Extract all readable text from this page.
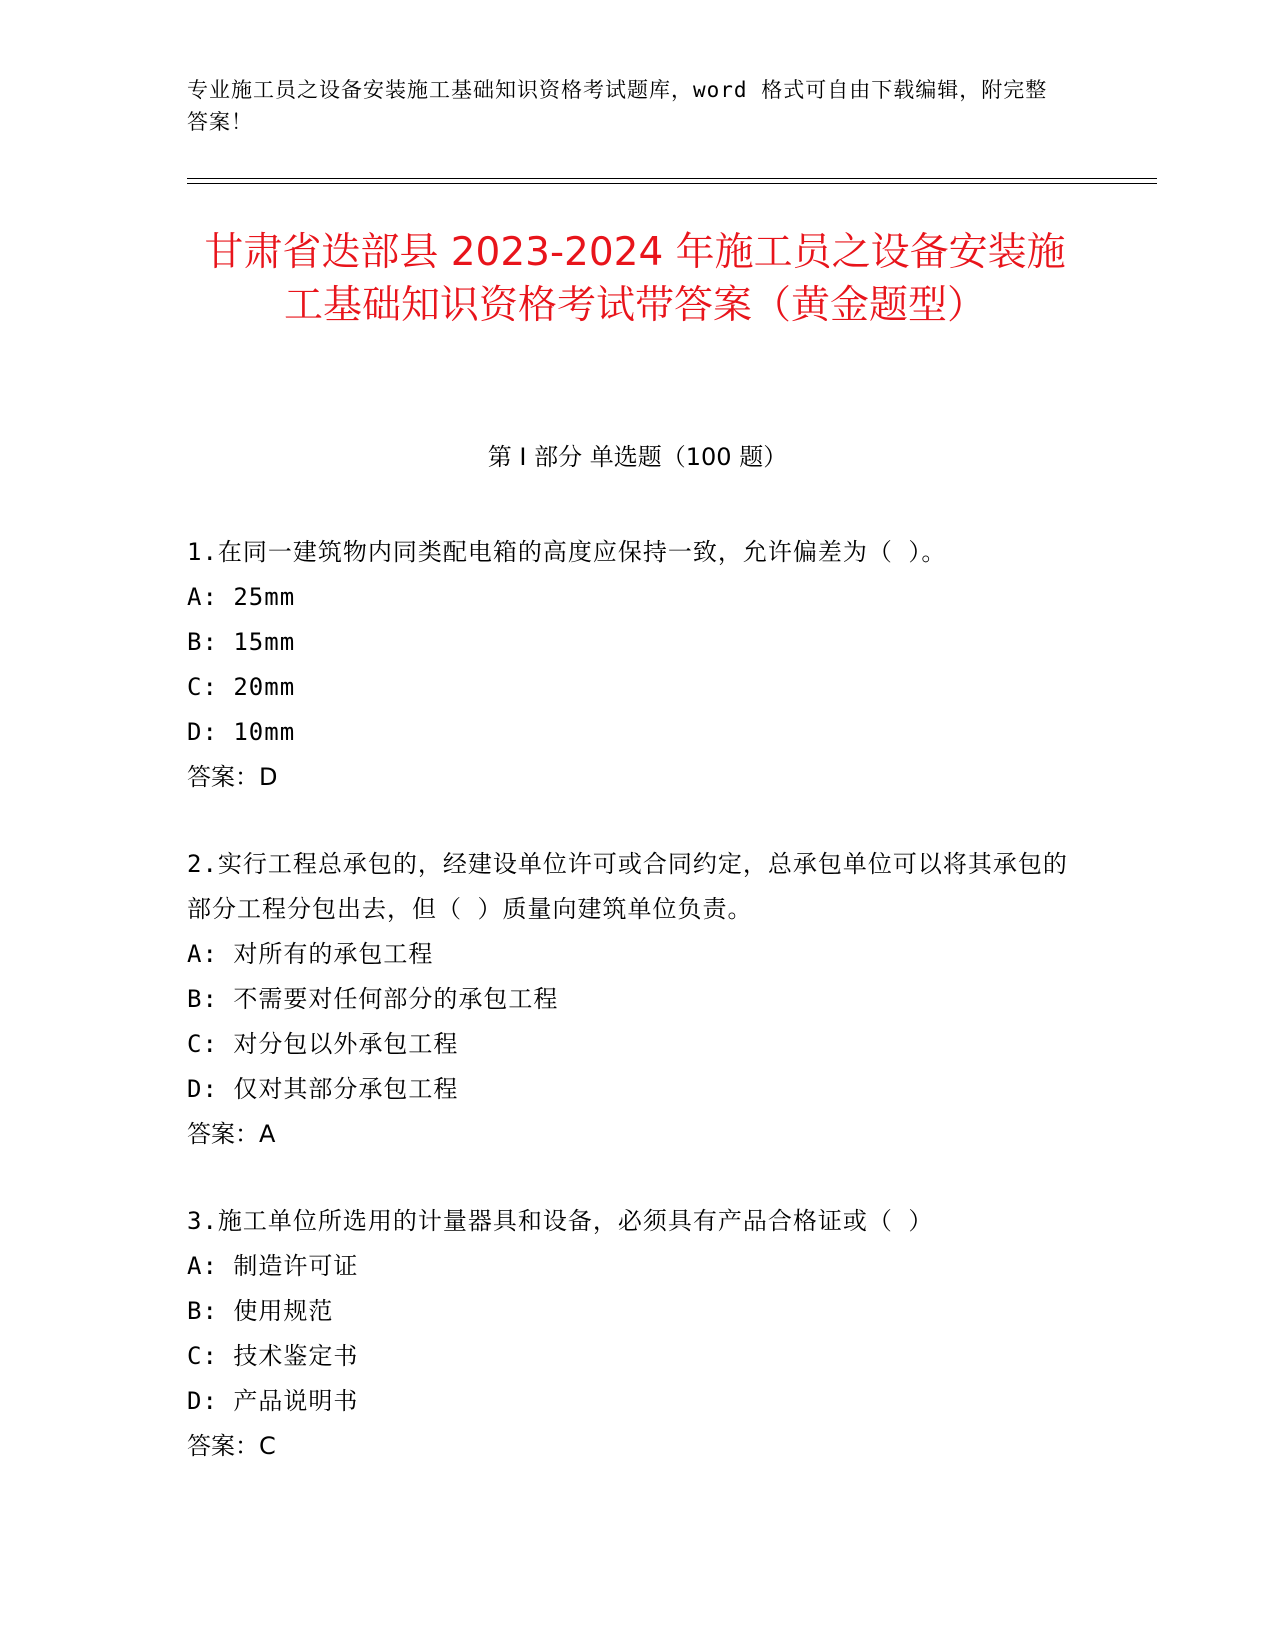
专业施工员之设备安装施工基础知识资格考试题库，word 格式可自由下载编辑，附完整答案！
甘肃省迭部县 2023-2024 年施工员之设备安装施工基础知识资格考试带答案（黄金题型）
第 I 部分 单选题（100 题）

1.在同一建筑物内同类配电箱的高度应保持一致，允许偏差为（ ）。

A: 25mm

B: 15mm

C: 20mm

D: 10mm

答案：D

2.实行工程总承包的，经建设单位许可或合同约定，总承包单位可以将其承包的部分工程分包出去，但（ ）质量向建筑单位负责。

A: 对所有的承包工程

B: 不需要对任何部分的承包工程

C: 对分包以外承包工程

D: 仅对其部分承包工程

答案：A

3.施工单位所选用的计量器具和设备，必须具有产品合格证或（ ）

A: 制造许可证

B: 使用规范

C: 技术鉴定书

D: 产品说明书

答案：C
